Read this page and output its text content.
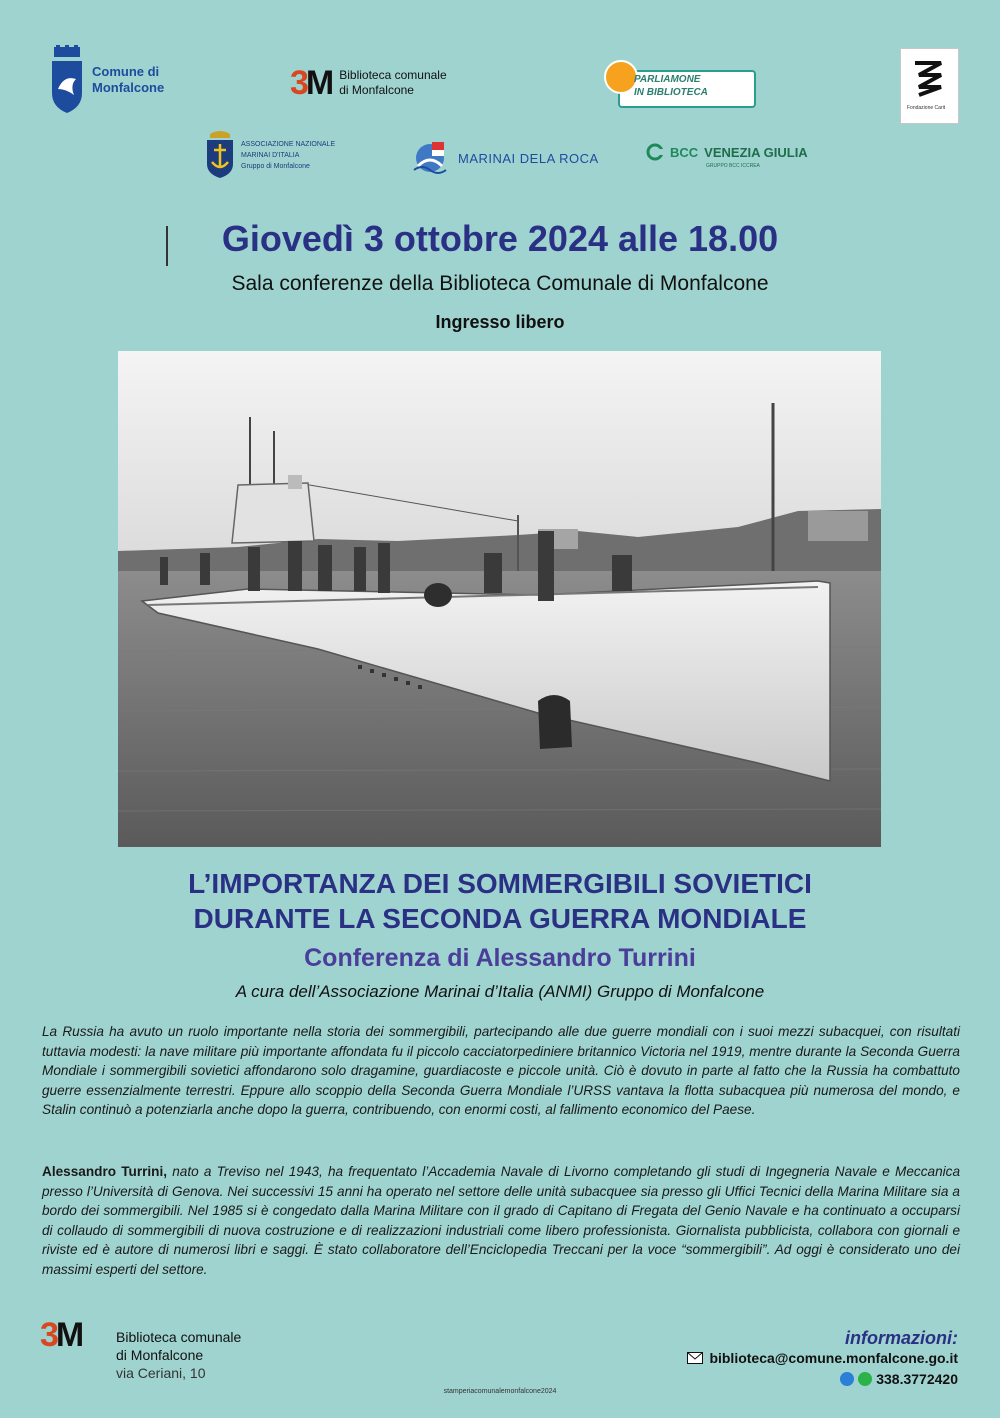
Comune di
Monfalcone	3M Biblioteca comunale
di Monfalcone
PARLIAMONE
IN BIBLIOTECA
Fondazione Carit
ASSOCIAZIONE NAZIONALE
MARINAI D'ITALIA
Gruppo di Monfalcone
MARINAI DELA ROCA	BCC VENEZIA GIULIA
GRUPPO BCC ICCREA
Giovedì 3 ottobre 2024 alle 18.00
Sala conferenze della Biblioteca Comunale di Monfalcone
Ingresso libero
L’IMPORTANZA DEI SOMMERGIBILI SOVIETICI
DURANTE LA SECONDA GUERRA MONDIALE
Conferenza di Alessandro Turrini
A cura dell’Associazione Marinai d’Italia (ANMI) Gruppo di Monfalcone
La Russia ha avuto un ruolo importante nella storia dei sommergibili, partecipando alle due guerre mondiali con i suoi mezzi subacquei, con risultati tuttavia modesti: la nave militare più importante affondata fu il piccolo cacciatorpediniere britannico Victoria nel 1919, mentre durante la Seconda Guerra Mondiale i sommergibili sovietici affondarono solo dragamine, guardiacoste e piccole unità. Ciò è dovuto in parte al fatto che la Russia ha combattuto guerre essenzialmente terrestri. Eppure allo scoppio della Seconda Guerra Mondiale l’URSS vantava la flotta subacquea più numerosa del mondo, e Stalin continuò a potenziarla anche dopo la guerra, contribuendo, con enormi costi, al fallimento economico del Paese.
Alessandro Turrini, nato a Treviso nel 1943, ha frequentato l’Accademia Navale di Livorno completando gli studi di Ingegneria Navale e Meccanica presso l’Università di Genova. Nei successivi 15 anni ha operato nel settore delle unità subacquee sia presso gli Uffici Tecnici della Marina Militare sia a bordo dei sommergibili. Nel 1985 si è congedato dalla Marina Militare con il grado di Capitano di Fregata del Genio Navale e ha continuato a occuparsi di collaudo di sommergibili di nuova costruzione e di realizzazioni industriali come libero professionista. Giornalista pubblicista, collabora con giornali e riviste ed è autore di numerosi libri e saggi. È stato collaboratore dell’Enciclopedia Treccani per la voce “sommergibili”. Ad oggi è considerato uno dei massimi esperti del settore.
3M Biblioteca comunale
di Monfalcone
via Ceriani, 10
informazioni:
biblioteca@comune.monfalcone.go.it
338.3772420
stamperiacomunalemonfalcone2024
